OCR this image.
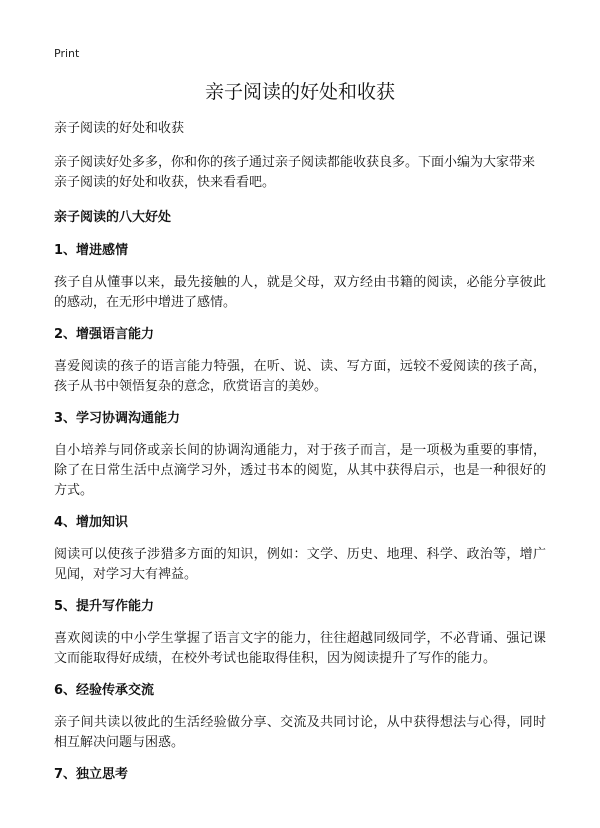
Print
亲子阅读的好处和收获

亲子阅读的好处和收获

亲子阅读好处多多，你和你的孩子通过亲子阅读都能收获良多。下面小编为大家带来亲子阅读的好处和收获，快来看看吧。

亲子阅读的八大好处

1、增进感情

孩子自从懂事以来，最先接触的人，就是父母，双方经由书籍的阅读，必能分享彼此的感动，在无形中增进了感情。

2、增强语言能力

喜爱阅读的孩子的语言能力特强，在听、说、读、写方面，远较不爱阅读的孩子高，孩子从书中领悟复杂的意念，欣赏语言的美妙。

3、学习协调沟通能力

自小培养与同侪或亲长间的协调沟通能力，对于孩子而言，是一项极为重要的事情，除了在日常生活中点滴学习外，透过书本的阅览，从其中获得启示，也是一种很好的方式。

4、增加知识

阅读可以使孩子涉猎多方面的知识，例如：文学、历史、地理、科学、政治等，增广见闻，对学习大有裨益。

5、提升写作能力

喜欢阅读的中小学生掌握了语言文字的能力，往往超越同级同学，不必背诵、强记课文而能取得好成绩，在校外考试也能取得佳积，因为阅读提升了写作的能力。

6、经验传承交流

亲子间共读以彼此的生活经验做分享、交流及共同讨论，从中获得想法与心得，同时相互解决问题与困惑。

7、独立思考
